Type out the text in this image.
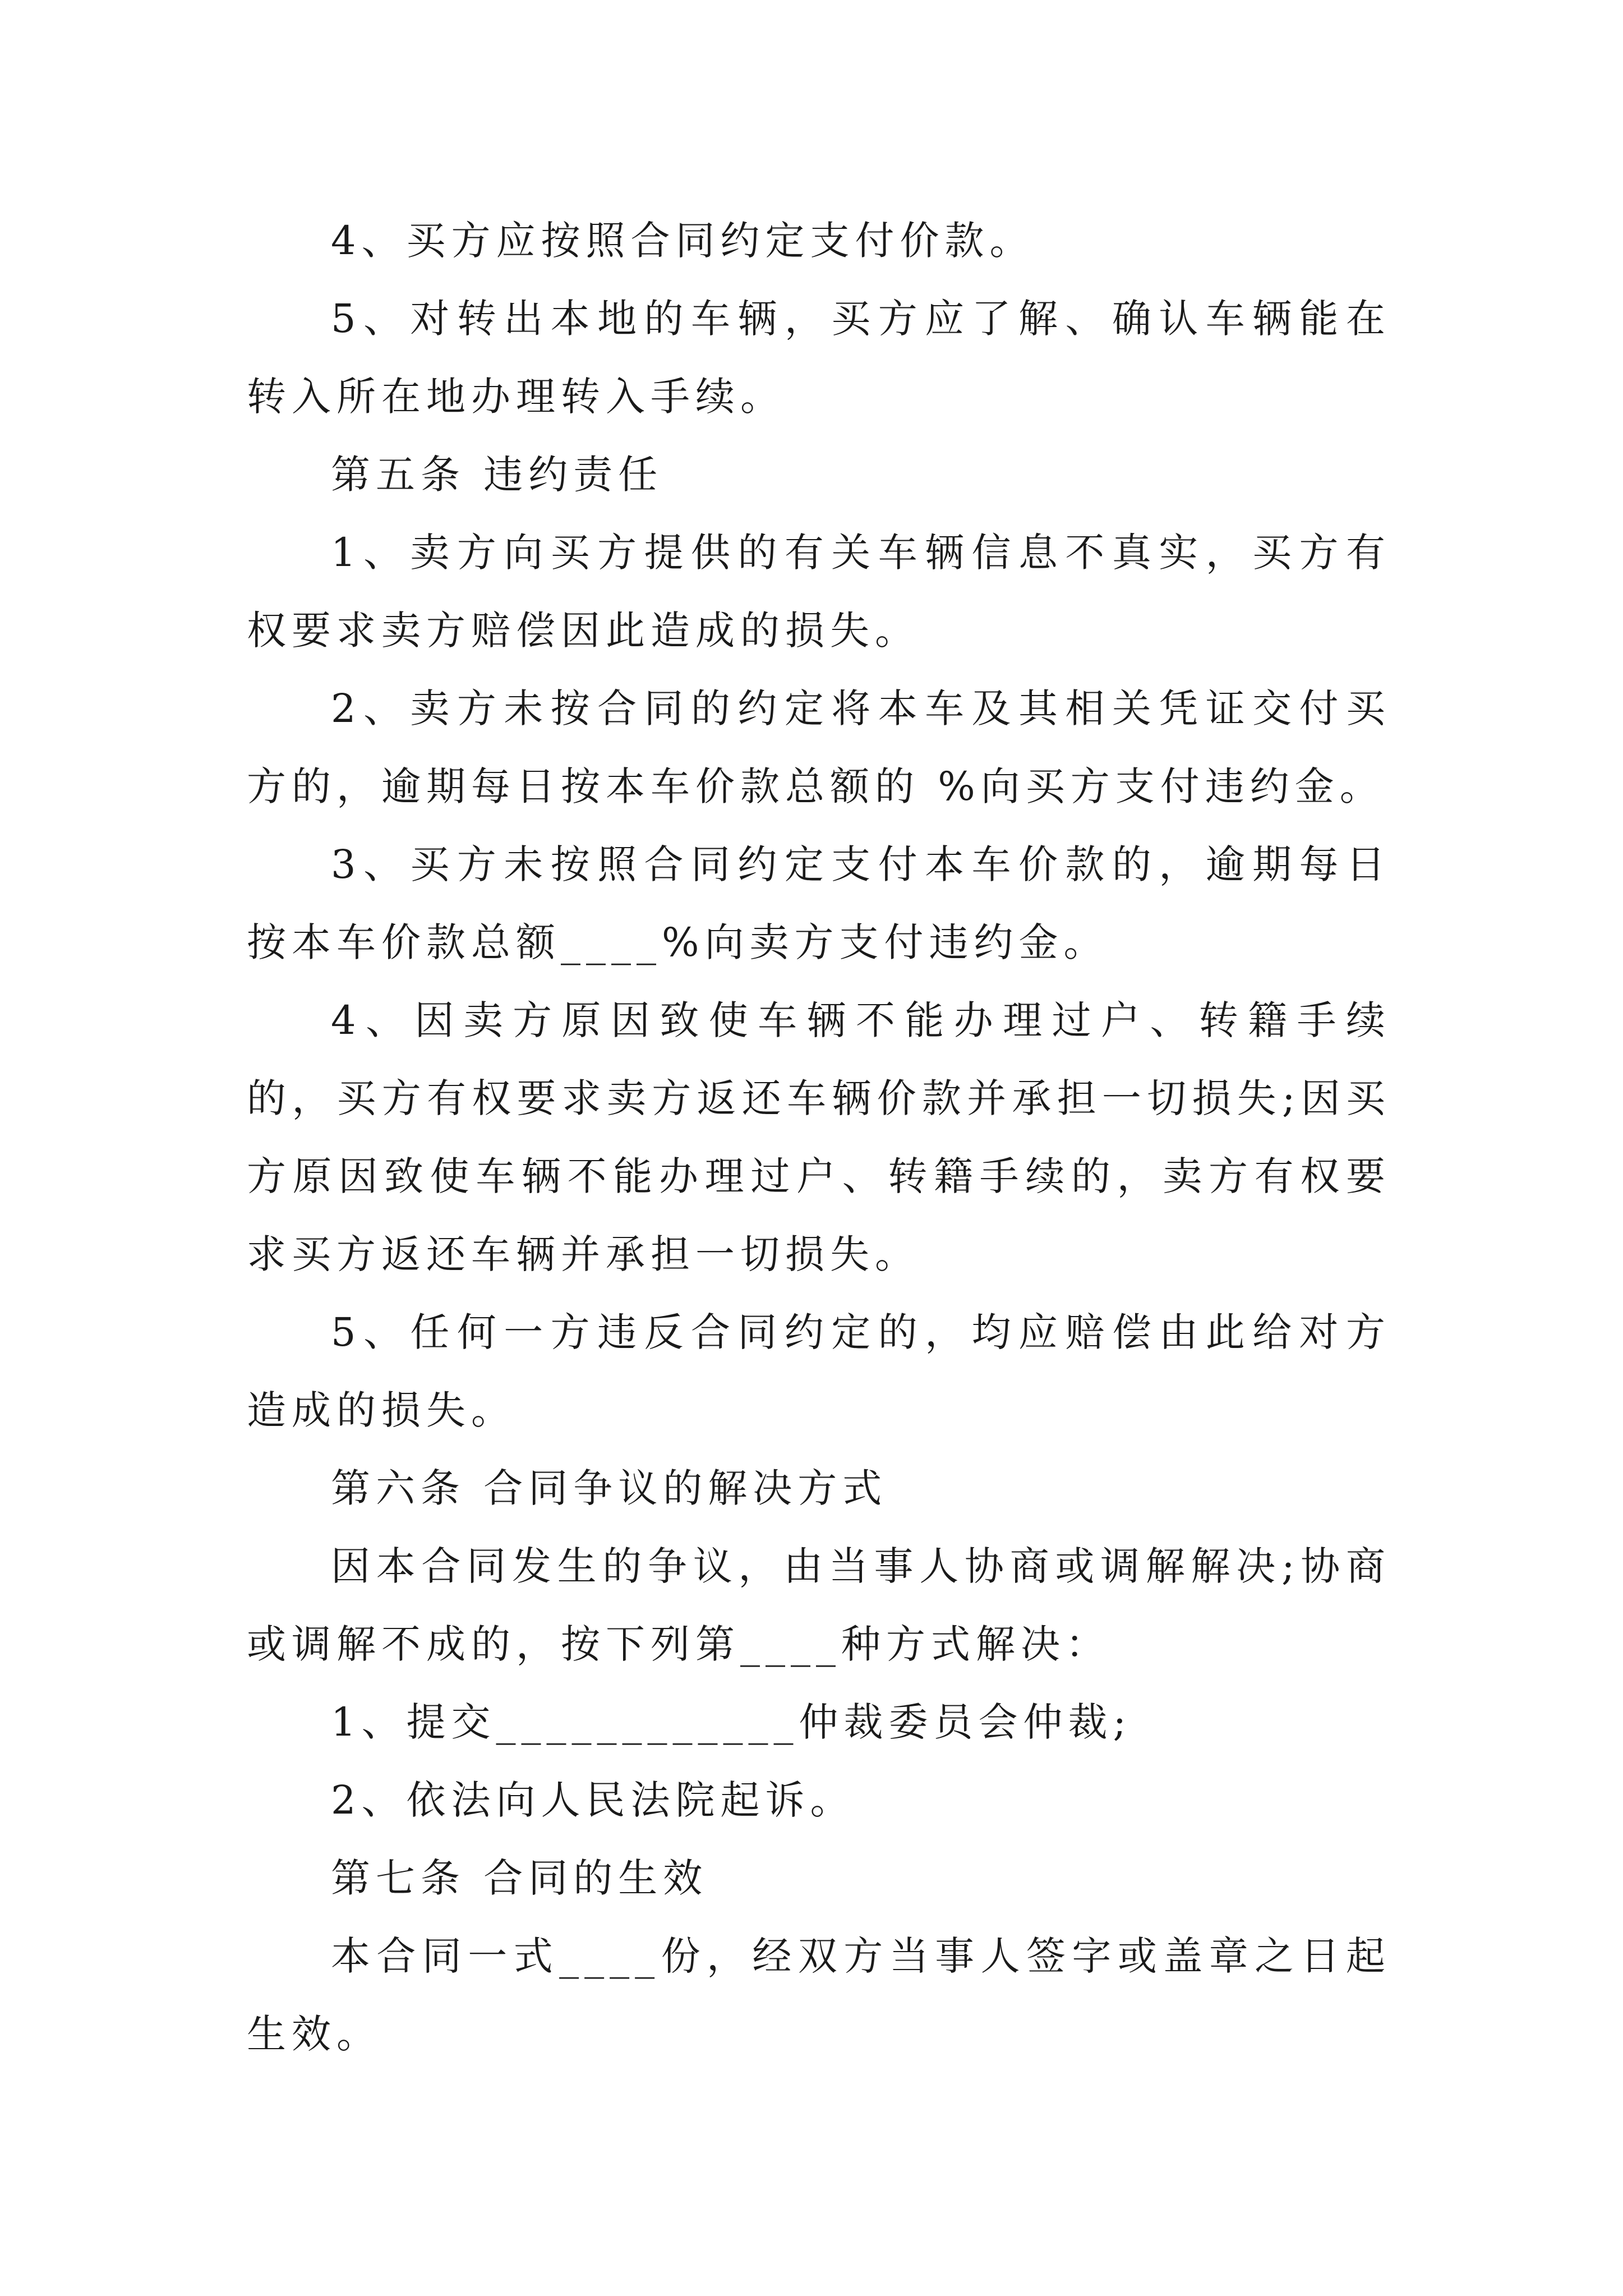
4、买方应按照合同约定支付价款。

5、对转出本地的车辆，买方应了解、确认车辆能在转入所在地办理转入手续。

第五条 违约责任

1、卖方向买方提供的有关车辆信息不真实，买方有权要求卖方赔偿因此造成的损失。

2、卖方未按合同的约定将本车及其相关凭证交付买方的，逾期每日按本车价款总额的 %向买方支付违约金。

3、买方未按照合同约定支付本车价款的，逾期每日按本车价款总额____%向卖方支付违约金。

4、因卖方原因致使车辆不能办理过户、转籍手续的，买方有权要求卖方返还车辆价款并承担一切损失;因买方原因致使车辆不能办理过户、转籍手续的，卖方有权要求买方返还车辆并承担一切损失。

5、任何一方违反合同约定的，均应赔偿由此给对方造成的损失。

第六条 合同争议的解决方式

因本合同发生的争议，由当事人协商或调解解决;协商或调解不成的，按下列第____种方式解决：

1、提交____________仲裁委员会仲裁;

2、依法向人民法院起诉。

第七条 合同的生效

本合同一式____份，经双方当事人签字或盖章之日起生效。
